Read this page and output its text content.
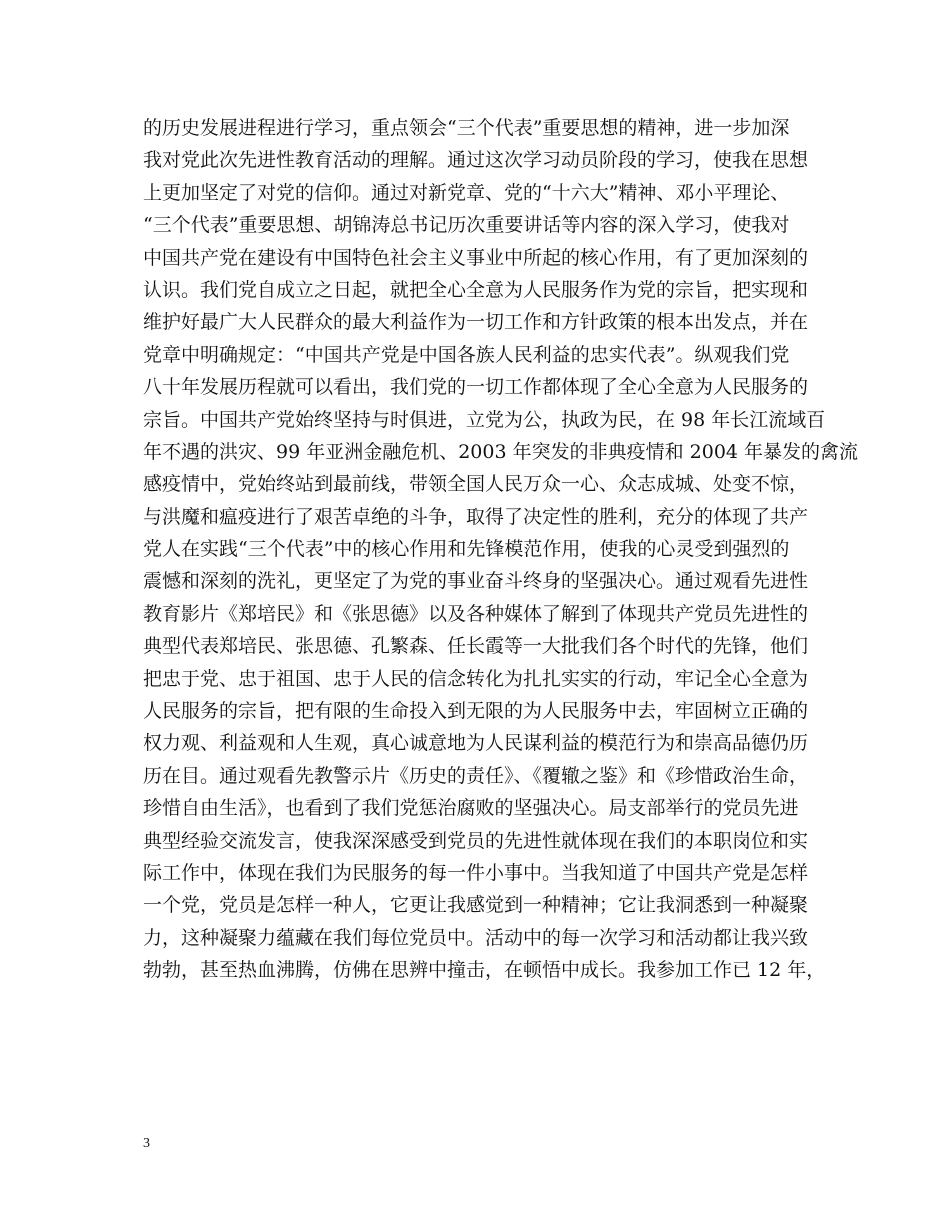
的历史发展进程进行学习，重点领会“三个代表”重要思想的精神，进一步加深
我对党此次先进性教育活动的理解。通过这次学习动员阶段的学习，使我在思想
上更加坚定了对党的信仰。通过对新党章、党的“十六大”精神、邓小平理论、
“三个代表”重要思想、胡锦涛总书记历次重要讲话等内容的深入学习，使我对
中国共产党在建设有中国特色社会主义事业中所起的核心作用，有了更加深刻的
认识。我们党自成立之日起，就把全心全意为人民服务作为党的宗旨，把实现和
维护好最广大人民群众的最大利益作为一切工作和方针政策的根本出发点，并在
党章中明确规定：“中国共产党是中国各族人民利益的忠实代表”。纵观我们党
八十年发展历程就可以看出，我们党的一切工作都体现了全心全意为人民服务的
宗旨。中国共产党始终坚持与时俱进，立党为公，执政为民，在 98 年长江流域百
年不遇的洪灾、99 年亚洲金融危机、2003 年突发的非典疫情和 2004 年暴发的禽流
感疫情中，党始终站到最前线，带领全国人民万众一心、众志成城、处变不惊，
与洪魔和瘟疫进行了艰苦卓绝的斗争，取得了决定性的胜利，充分的体现了共产
党人在实践“三个代表”中的核心作用和先锋模范作用，使我的心灵受到强烈的
震憾和深刻的洗礼，更坚定了为党的事业奋斗终身的坚强决心。通过观看先进性
教育影片《郑培民》和《张思德》以及各种媒体了解到了体现共产党员先进性的
典型代表郑培民、张思德、孔繁森、任长霞等一大批我们各个时代的先锋，他们
把忠于党、忠于祖国、忠于人民的信念转化为扎扎实实的行动，牢记全心全意为
人民服务的宗旨，把有限的生命投入到无限的为人民服务中去，牢固树立正确的
权力观、利益观和人生观，真心诚意地为人民谋利益的模范行为和崇高品德仍历
历在目。通过观看先教警示片《历史的责任》、《覆辙之鉴》和《珍惜政治生命，
珍惜自由生活》，也看到了我们党惩治腐败的坚强决心。局支部举行的党员先进
典型经验交流发言，使我深深感受到党员的先进性就体现在我们的本职岗位和实
际工作中，体现在我们为民服务的每一件小事中。当我知道了中国共产党是怎样
一个党，党员是怎样一种人，它更让我感觉到一种精神；它让我洞悉到一种凝聚
力，这种凝聚力蕴藏在我们每位党员中。活动中的每一次学习和活动都让我兴致
勃勃，甚至热血沸腾，仿佛在思辨中撞击，在顿悟中成长。我参加工作已 12 年，
3
